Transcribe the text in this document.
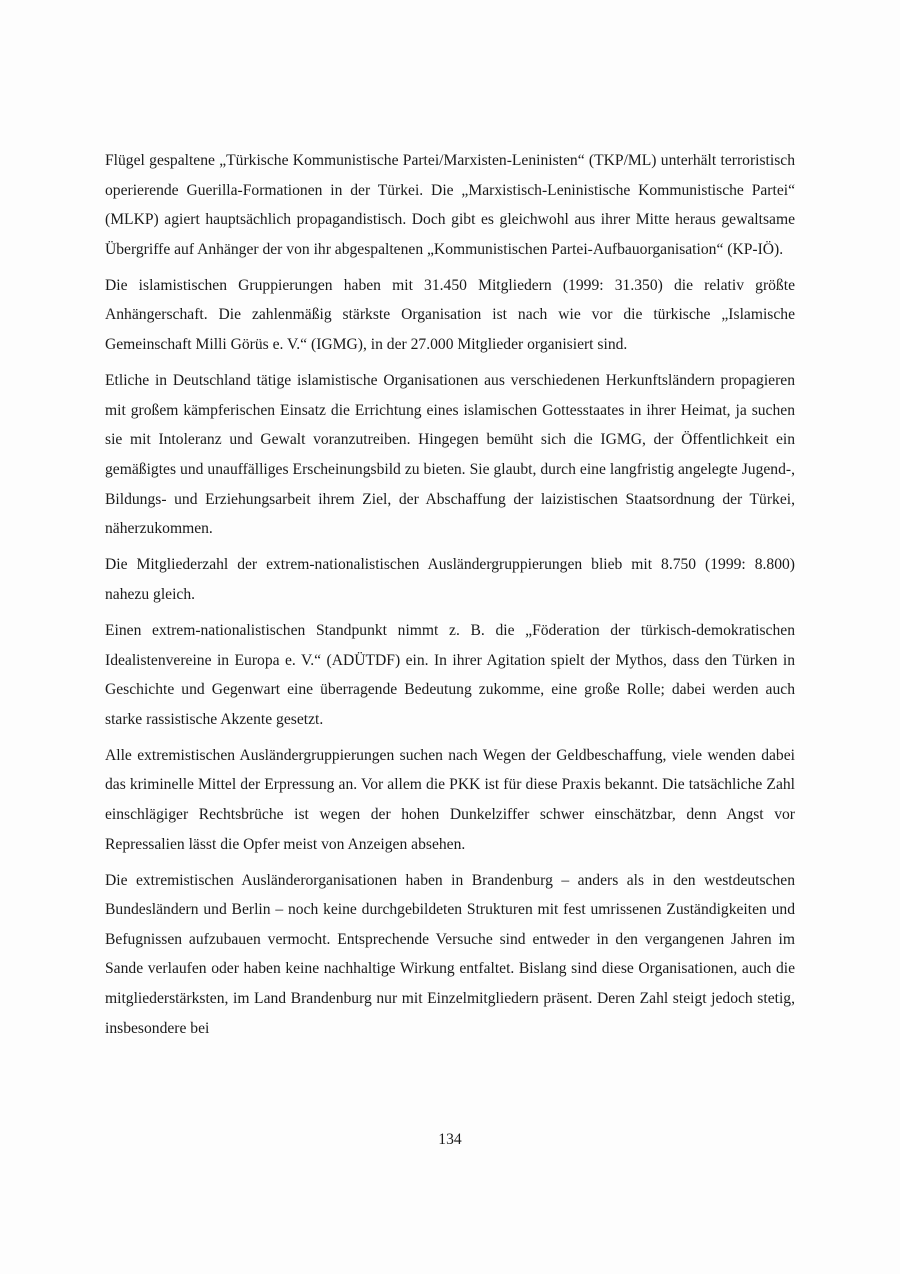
Flügel gespaltene „Türkische Kommunistische Partei/Marxisten-Leninisten“ (TKP/ML) unterhält terroristisch operierende Guerilla-Formationen in der Türkei. Die „Marxistisch-Leninistische Kommunistische Partei“ (MLKP) agiert hauptsächlich propagandistisch. Doch gibt es gleichwohl aus ihrer Mitte heraus gewaltsame Übergriffe auf Anhänger der von ihr abgespaltenen „Kommunistischen Partei-Aufbauorganisation“ (KP-IÖ).

Die islamistischen Gruppierungen haben mit 31.450 Mitgliedern (1999: 31.350) die relativ größte Anhängerschaft. Die zahlenmäßig stärkste Organisation ist nach wie vor die türkische „Islamische Gemeinschaft Milli Görüs e. V.“ (IGMG), in der 27.000 Mitglieder organisiert sind.

Etliche in Deutschland tätige islamistische Organisationen aus verschiedenen Herkunftsländern propagieren mit großem kämpferischen Einsatz die Errichtung eines islamischen Gottesstaates in ihrer Heimat, ja suchen sie mit Intoleranz und Gewalt voranzutreiben. Hingegen bemüht sich die IGMG, der Öffentlichkeit ein gemäßigtes und unauffälliges Erscheinungsbild zu bieten. Sie glaubt, durch eine langfristig angelegte Jugend-, Bildungs- und Erziehungsarbeit ihrem Ziel, der Abschaffung der laizistischen Staatsordnung der Türkei, näherzukommen.

Die Mitgliederzahl der extrem-nationalistischen Ausländergruppierungen blieb mit 8.750 (1999: 8.800) nahezu gleich.

Einen extrem-nationalistischen Standpunkt nimmt z. B. die „Föderation der türkisch-demokratischen Idealistenvereine in Europa e. V.“ (ADÜTDF) ein. In ihrer Agitation spielt der Mythos, dass den Türken in Geschichte und Gegenwart eine überragende Bedeutung zukomme, eine große Rolle; dabei werden auch starke rassistische Akzente gesetzt.

Alle extremistischen Ausländergruppierungen suchen nach Wegen der Geldbeschaffung, viele wenden dabei das kriminelle Mittel der Erpressung an. Vor allem die PKK ist für diese Praxis bekannt. Die tatsächliche Zahl einschlägiger Rechtsbrüche ist wegen der hohen Dunkelziffer schwer einschätzbar, denn Angst vor Repressalien lässt die Opfer meist von Anzeigen absehen.

Die extremistischen Ausländerorganisationen haben in Brandenburg – anders als in den westdeutschen Bundesländern und Berlin – noch keine durchgebildeten Strukturen mit fest umrissenen Zuständigkeiten und Befugnissen aufzubauen vermocht. Entsprechende Versuche sind entweder in den vergangenen Jahren im Sande verlaufen oder haben keine nachhaltige Wirkung entfaltet. Bislang sind diese Organisationen, auch die mitgliederstärksten, im Land Brandenburg nur mit Einzelmitgliedern präsent. Deren Zahl steigt jedoch stetig, insbesondere bei

134
